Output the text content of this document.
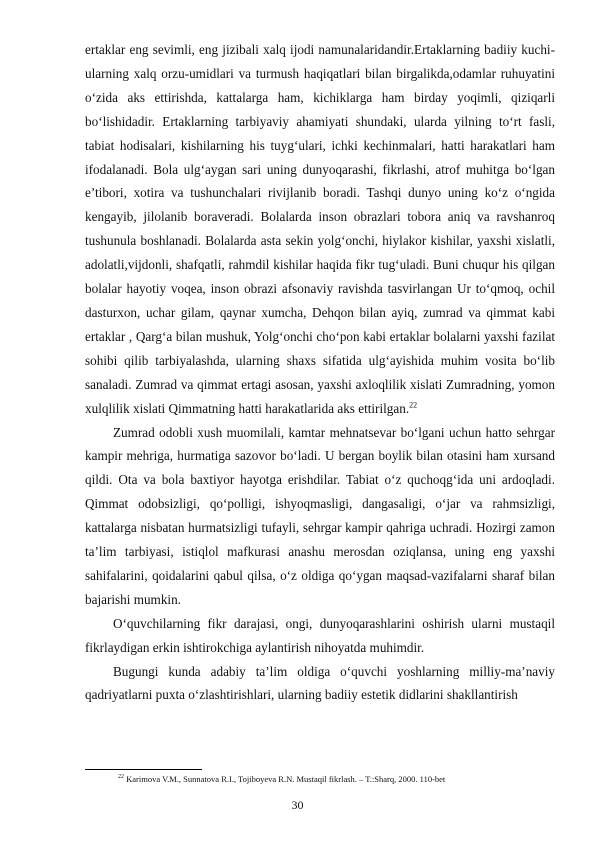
ertaklar eng sevimli, eng jizibali xalq ijodi namunalaridandir.Ertaklarning badiiy kuchi- ularning xalq orzu-umidlari va turmush haqiqatlari bilan birgalikda,odamlar ruhuyatini o‘zida aks ettirishda, kattalarga ham, kichiklarga ham birday yoqimli, qiziqarli bo‘lishidadir. Ertaklarning tarbiyaviy ahamiyati shundaki, ularda yilning to‘rt fasli, tabiat hodisalari, kishilarning his tuyg‘ulari, ichki kechinmalari, hatti harakatlari ham ifodalanadi. Bola ulg‘aygan sari uning dunyoqarashi, fikrlashi, atrof muhitga bo‘lgan e’tibori, xotira va tushunchalari rivijlanib boradi. Tashqi dunyo uning ko‘z o‘ngida kengayib, jilolanib boraveradi. Bolalarda inson obrazlari tobora aniq va ravshanroq tushunula boshlanadi. Bolalarda asta sekin yolg‘onchi, hiylakor kishilar, yaxshi xislatli, adolatli,vijdonli, shafqatli, rahmdil kishilar haqida fikr tug‘uladi. Buni chuqur his qilgan bolalar hayotiy voqea, inson obrazi afsonaviy ravishda tasvirlangan Ur to‘qmoq, ochil dasturxon, uchar gilam, qaynar xumcha, Dehqon bilan ayiq, zumrad va qimmat kabi ertaklar , Qarg‘a bilan mushuk, Yolg‘onchi cho‘pon kabi ertaklar bolalarni yaxshi fazilat sohibi qilib tarbiyalashda, ularning shaxs sifatida ulg‘ayishida muhim vosita bo‘lib sanaladi. Zumrad va qimmat ertagi asosan, yaxshi axloqlilik xislati Zumradning, yomon xulqlilik xislati Qimmatning hatti harakatlarida aks ettirilgan.$^{22}$

Zumrad odobli xush muomilali, kamtar mehnatsevar bo‘lgani uchun hatto sehrgar kampir mehriga, hurmatiga sazovor bo‘ladi. U bergan boylik bilan otasini ham xursand qildi. Ota va bola baxtiyor hayotga erishdilar. Tabiat o‘z quchoqg‘ida uni ardoqladi. Qimmat odobsizligi, qo‘polligi, ishyoqmasligi, dangasaligi, o‘jar va rahmsizligi, kattalarga nisbatan hurmatsizligi tufayli, sehrgar kampir qahriga uchradi. Hozirgi zamon ta’lim tarbiyasi, istiqlol mafkurasi anashu merosdan oziqlansa, uning eng yaxshi sahifalarini, qoidalarini qabul qilsa, o‘z oldiga qo‘ygan maqsad-vazifalarni sharaf bilan bajarishi mumkin.

O‘quvchilarning fikr darajasi, ongi, dunyoqarashlarini oshirish ularni mustaqil fikrlaydigan erkin ishtirokchiga aylantirish nihoyatda muhimdir.

Bugungi kunda adabiy ta’lim oldiga o‘quvchi yoshlarning milliy-ma’naviy qadriyatlarni puxta o‘zlashtirishlari, ularning badiiy estetik didlarini shakllantirish

$^{22}$ Karimova V.M., Sunnatova R.I., Tojiboyeva R.N. Mustaqil fikrlash. – T.:Sharq, 2000. 110-bet
30
